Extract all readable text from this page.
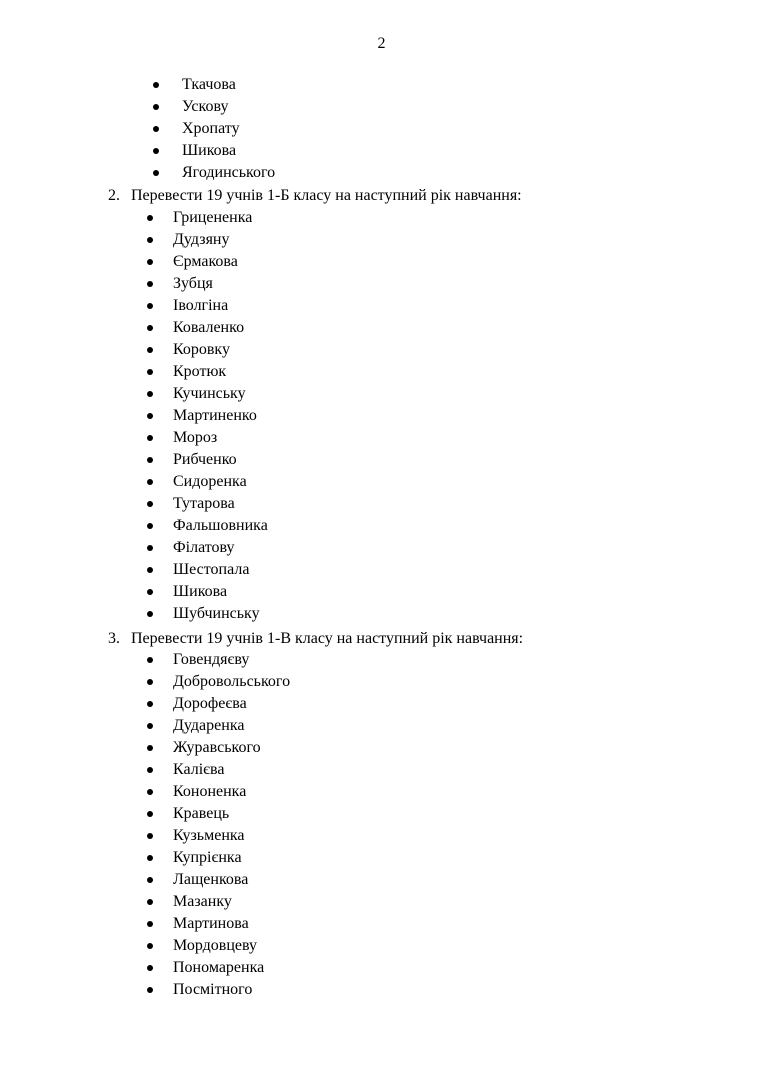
2
Ткачова
Ускову
Хропату
Шикова
Ягодинського
2. Перевести 19 учнів 1-Б класу на наступний рік навчання:
Грицененка
Дудзяну
Єрмакова
Зубця
Іволгіна
Коваленко
Коровку
Кротюк
Кучинську
Мартиненко
Мороз
Рибченко
Сидоренка
Тутарова
Фальшовника
Філатову
Шестопала
Шикова
Шубчинську
3. Перевести 19 учнів 1-В класу на наступний рік навчання:
Говендяєву
Добровольського
Дорофеєва
Дударенка
Журавського
Калієва
Кононенка
Кравець
Кузьменка
Купрієнка
Лащенкова
Мазанку
Мартинова
Мордовцеву
Пономаренка
Посмітного
